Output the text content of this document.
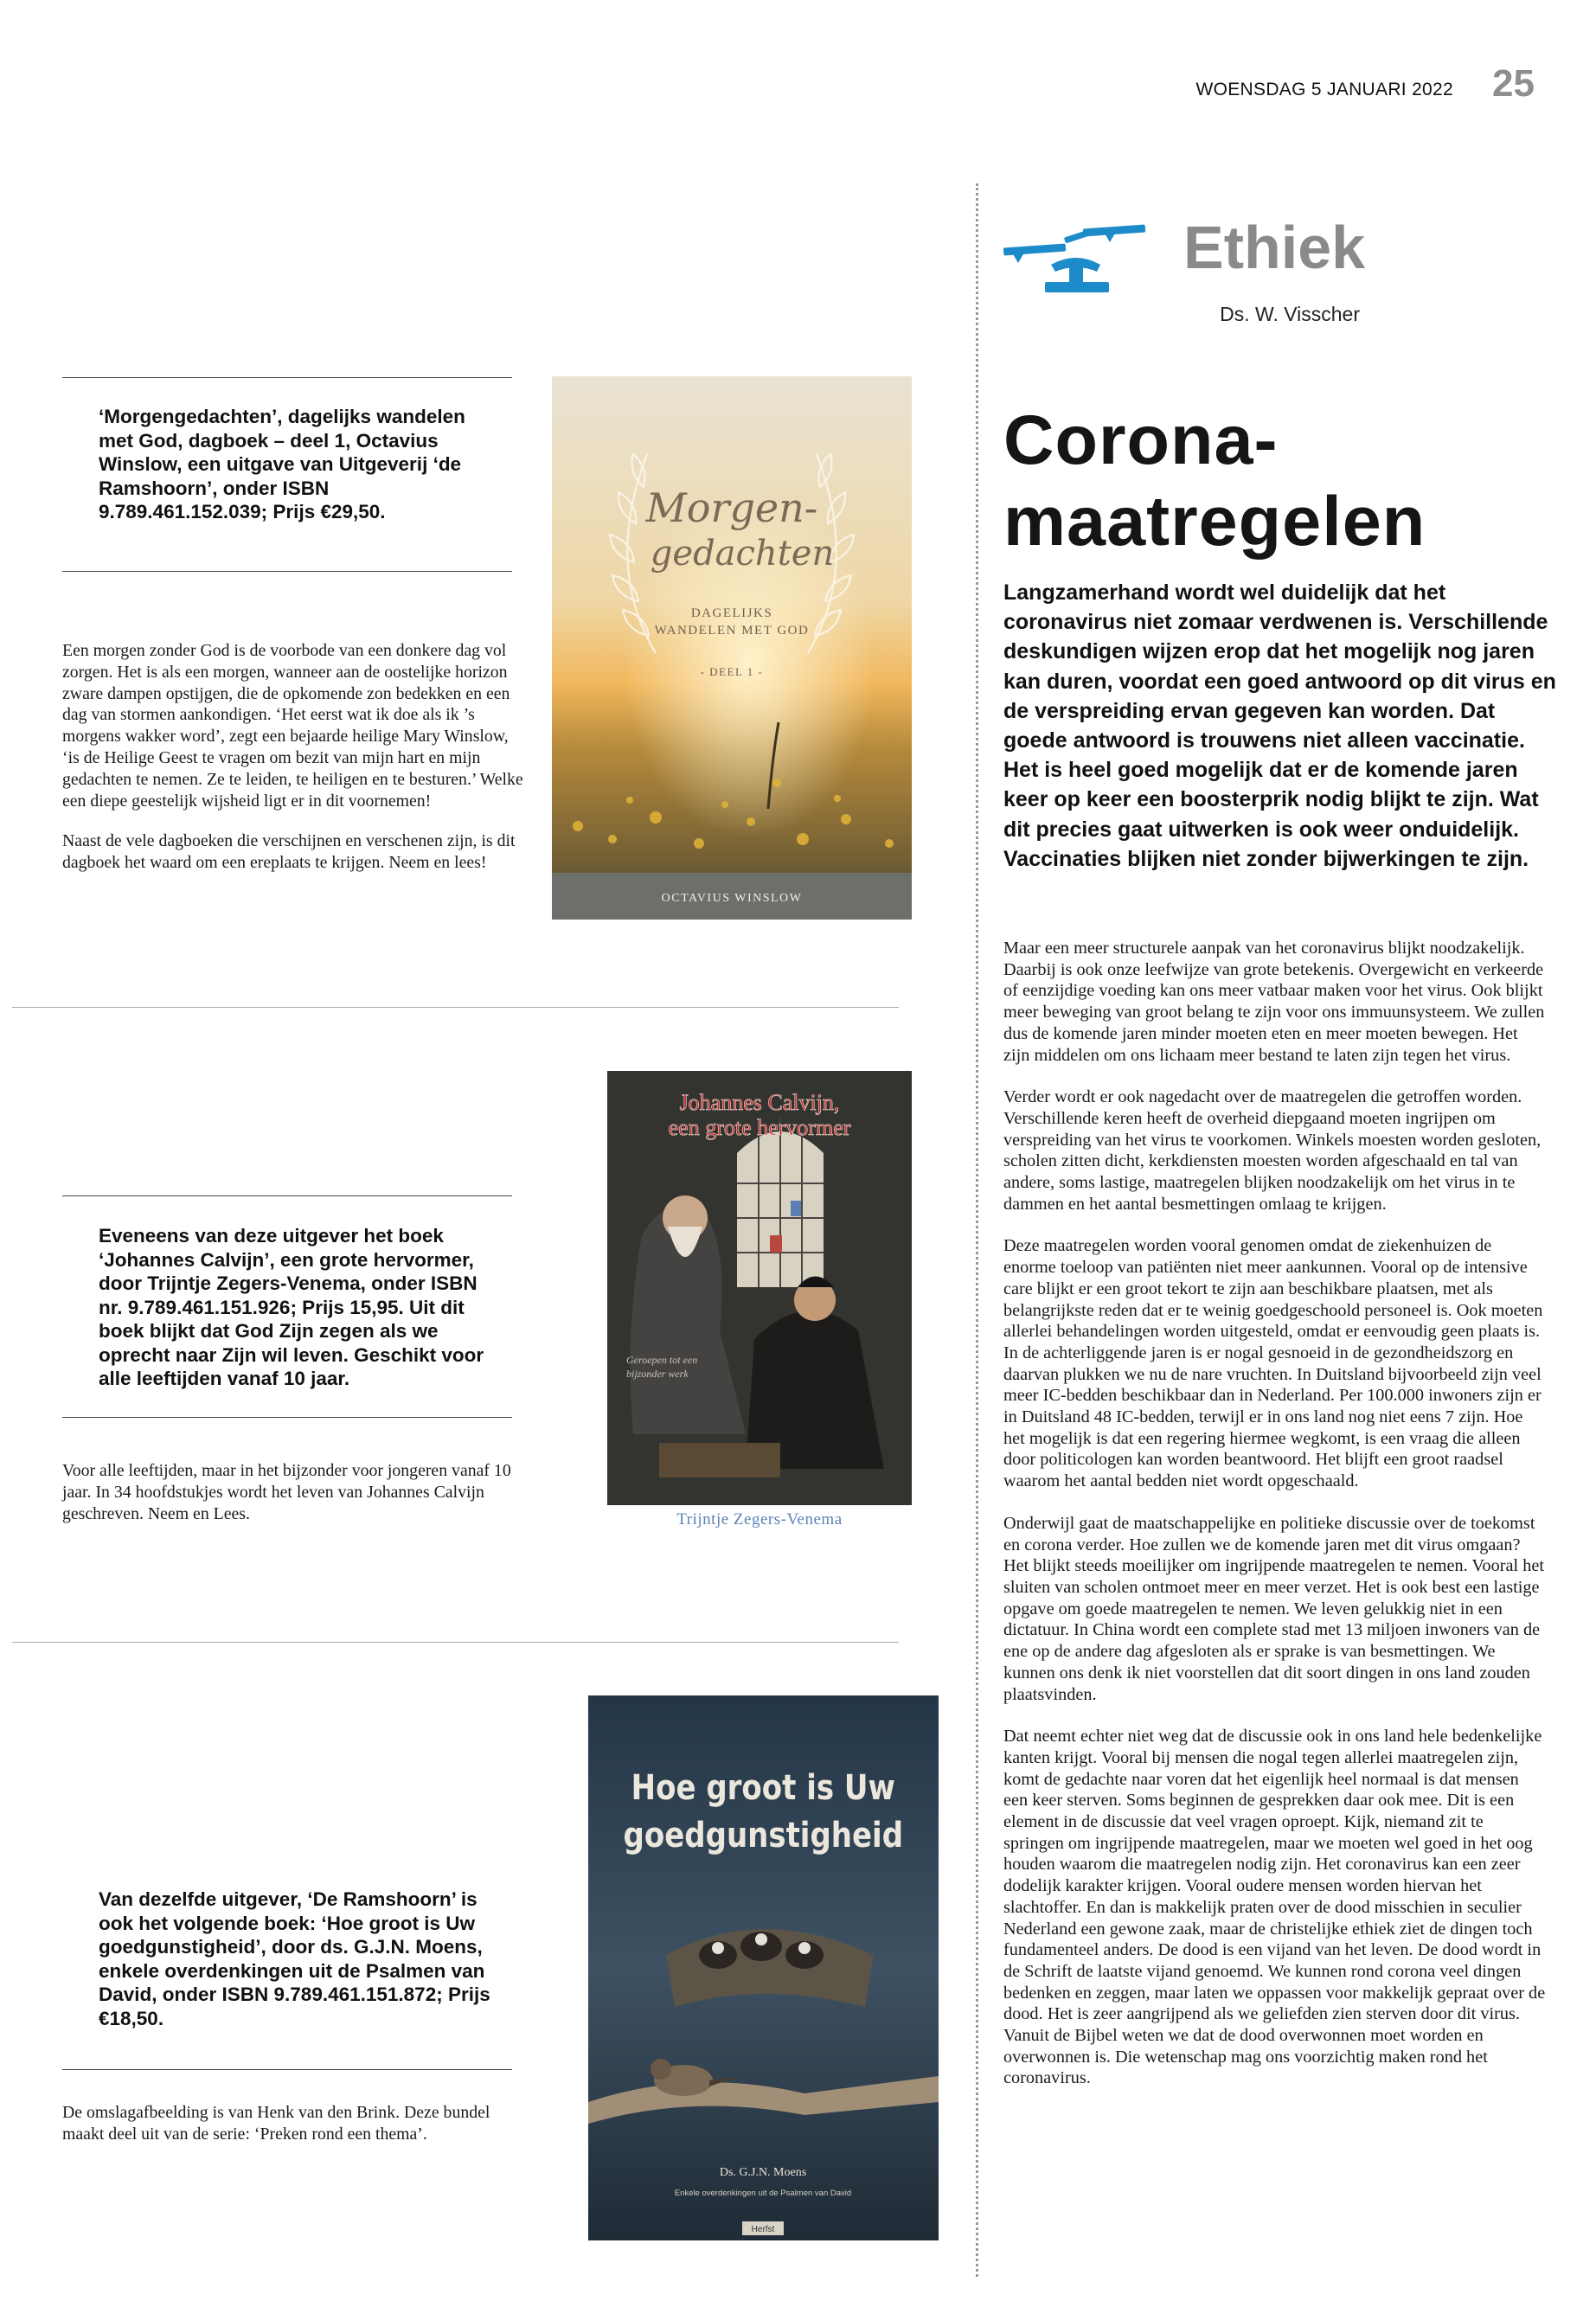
WOENSDAG 5 JANUARI 2022 25
Ethiek
Ds. W. Visscher
Corona-
maatregelen
Langzamerhand wordt wel duidelijk dat het coronavirus niet zomaar verdwenen is. Verschillende deskundigen wijzen erop dat het mogelijk nog jaren kan duren, voordat een goed antwoord op dit virus en de verspreiding ervan gegeven kan worden. Dat goede antwoord is trouwens niet alleen vaccinatie. Het is heel goed mogelijk dat er de komende jaren keer op keer een boosterprik nodig blijkt te zijn. Wat dit precies gaat uitwerken is ook weer onduidelijk. Vaccinaties blijken niet zonder bijwerkingen te zijn.

Maar een meer structurele aanpak van het coronavirus blijkt noodzakelijk. Daarbij is ook onze leefwijze van grote betekenis. Overgewicht en verkeerde of eenzijdige voeding kan ons meer vatbaar maken voor het virus. Ook blijkt meer beweging van groot belang te zijn voor ons immuunsysteem. We zullen dus de komende jaren minder moeten eten en meer moeten bewegen. Het zijn middelen om ons lichaam meer bestand te laten zijn tegen het virus.

Verder wordt er ook nagedacht over de maatregelen die getroffen worden. Verschillende keren heeft de overheid diepgaand moeten ingrijpen om verspreiding van het virus te voorkomen. Winkels moesten worden gesloten, scholen zitten dicht, kerkdiensten moesten worden afgeschaald en tal van andere, soms lastige, maatregelen blijken noodzakelijk om het virus in te dammen en het aantal besmettingen omlaag te krijgen.

Deze maatregelen worden vooral genomen omdat de ziekenhuizen de enorme toeloop van patiënten niet meer aankunnen. Vooral op de intensive care blijkt er een groot tekort te zijn aan beschikbare plaatsen, met als belangrijkste reden dat er te weinig goedgeschoold personeel is. Ook moeten allerlei behandelingen worden uitgesteld, omdat er eenvoudig geen plaats is. In de achterliggende jaren is er nogal gesnoeid in de gezondheidszorg en daarvan plukken we nu de nare vruchten. In Duitsland bijvoorbeeld zijn veel meer IC-bedden beschikbaar dan in Nederland. Per 100.000 inwoners zijn er in Duitsland 48 IC-bedden, terwijl er in ons land nog niet eens 7 zijn. Hoe het mogelijk is dat een regering hiermee wegkomt, is een vraag die alleen door politicologen kan worden beantwoord. Het blijft een groot raadsel waarom het aantal bedden niet wordt opgeschaald.

Onderwijl gaat de maatschappelijke en politieke discussie over de toekomst en corona verder. Hoe zullen we de komende jaren met dit virus omgaan? Het blijkt steeds moeilijker om ingrijpende maatregelen te nemen. Vooral het sluiten van scholen ontmoet meer en meer verzet. Het is ook best een lastige opgave om goede maatregelen te nemen. We leven gelukkig niet in een dictatuur. In China wordt een complete stad met 13 miljoen inwoners van de ene op de andere dag afgesloten als er sprake is van besmettingen. We kunnen ons denk ik niet voorstellen dat dit soort dingen in ons land zouden plaatsvinden.

Dat neemt echter niet weg dat de discussie ook in ons land hele bedenkelijke kanten krijgt. Vooral bij mensen die nogal tegen allerlei maatregelen zijn, komt de gedachte naar voren dat het eigenlijk heel normaal is dat mensen een keer sterven. Soms beginnen de gesprekken daar ook mee. Dit is een element in de discussie dat veel vragen oproept. Kijk, niemand zit te springen om ingrijpende maatregelen, maar we moeten wel goed in het oog houden waarom die maatregelen nodig zijn. Het coronavirus kan een zeer dodelijk karakter krijgen. Vooral oudere mensen worden hiervan het slachtoffer. En dan is makkelijk praten over de dood misschien in seculier Nederland een gewone zaak, maar de christelijke ethiek ziet de dingen toch fundamenteel anders. De dood is een vijand van het leven. De dood wordt in de Schrift de laatste vijand genoemd. We kunnen rond corona veel dingen bedenken en zeggen, maar laten we oppassen voor makkelijk gepraat over de dood. Het is zeer aangrijpend als we geliefden zien sterven door dit virus. Vanuit de Bijbel weten we dat de dood overwonnen moet worden en overwonnen is. Die wetenschap mag ons voorzichtig maken rond het coronavirus.

‘Morgengedachten’, dagelijks wandelen met God, dagboek – deel 1, Octavius Winslow, een uitgave van Uitgeverij ‘de Ramshoorn’, onder ISBN 9.789.461.152.039; Prijs €29,50.

Een morgen zonder God is de voorbode van een donkere dag vol zorgen. Het is als een morgen, wanneer aan de oostelijke horizon zware dampen opstijgen, die de opkomende zon bedekken en een dag van stormen aankondigen. ‘Het eerst wat ik doe als ik ’s morgens wakker word’, zegt een bejaarde heilige Mary Winslow, ‘is de Heilige Geest te vragen om bezit van mijn hart en mijn gedachten te nemen. Ze te leiden, te heiligen en te besturen.’ Welke een diepe geestelijk wijsheid ligt er in dit voornemen!

Naast de vele dagboeken die verschijnen en verschenen zijn, is dit dagboek het waard om een ereplaats te krijgen. Neem en lees!

Morgen-
gedachten
DAGELIJKS
WANDELEN MET GOD
- DEEL 1 -
OCTAVIUS WINSLOW
Eveneens van deze uitgever het boek ‘Johannes Calvijn’, een grote hervormer, door Trijntje Zegers-Venema, onder ISBN nr. 9.789.461.151.926; Prijs 15,95. Uit dit boek blijkt dat God Zijn zegen als we oprecht naar Zijn wil leven. Geschikt voor alle leeftijden vanaf 10 jaar.

Voor alle leeftijden, maar in het bijzonder voor jongeren vanaf 10 jaar. In 34 hoofdstukjes wordt het leven van Johannes Calvijn geschreven. Neem en Lees.

Johannes Calvijn,
een grote hervormer
Geroepen tot een
bijzonder werk
Trijntje Zegers-Venema
Van dezelfde uitgever, ‘De Ramshoorn’ is ook het volgende boek: ‘Hoe groot is Uw goedgunstigheid’, door ds. G.J.N. Moens, enkele overdenkingen uit de Psalmen van David, onder ISBN 9.789.461.151.872; Prijs €18,50.

De omslagafbeelding is van Henk van den Brink. Deze bundel maakt deel uit van de serie: ‘Preken rond een thema’.

Hoe groot is Uw
goedgunstigheid
Ds. G.J.N. Moens
Enkele overdenkingen uit de Psalmen van David
Herfst
